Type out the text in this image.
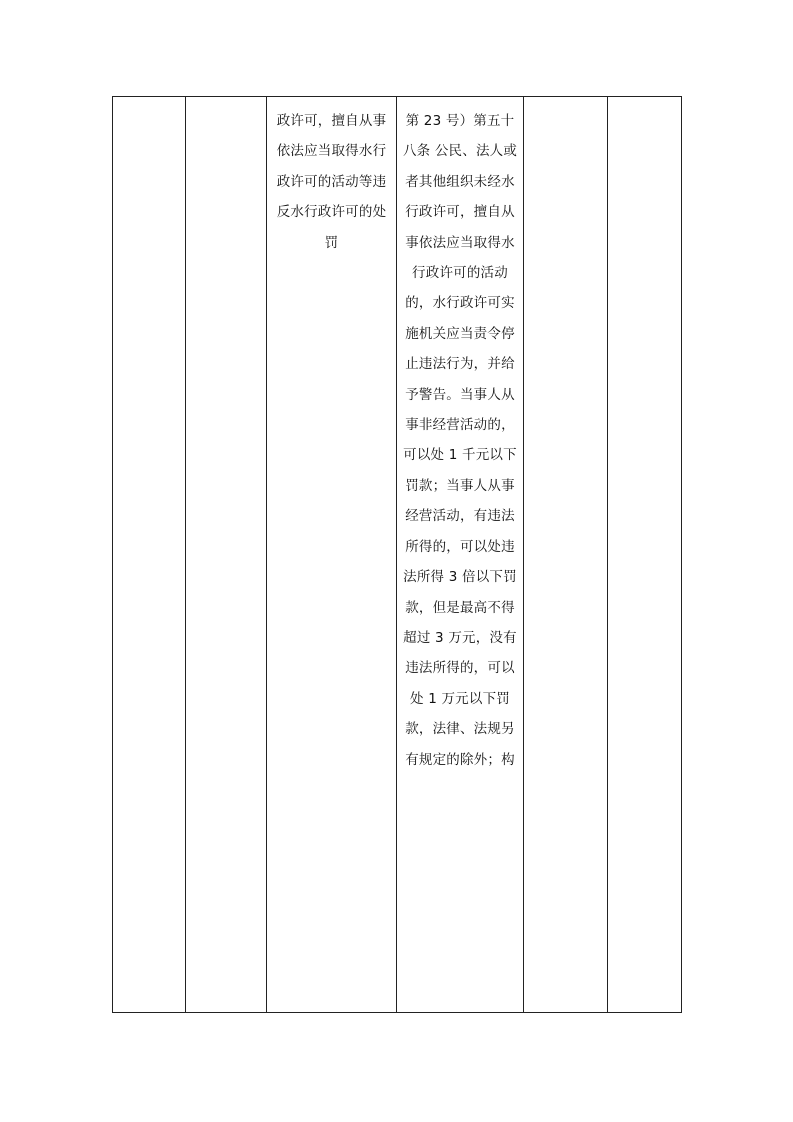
政许可，擅自从事
依法应当取得水行
政许可的活动等违
反水行政许可的处
罚

第 23 号）第五十
八条 公民、法人或
者其他组织未经水
行政许可，擅自从
事依法应当取得水
行政许可的活动
的，水行政许可实
施机关应当责令停
止违法行为，并给
予警告。当事人从
事非经营活动的，
可以处 1 千元以下
罚款；当事人从事
经营活动，有违法
所得的，可以处违
法所得 3 倍以下罚
款，但是最高不得
超过 3 万元，没有
违法所得的，可以
处 1 万元以下罚
款，法律、法规另
有规定的除外；构
